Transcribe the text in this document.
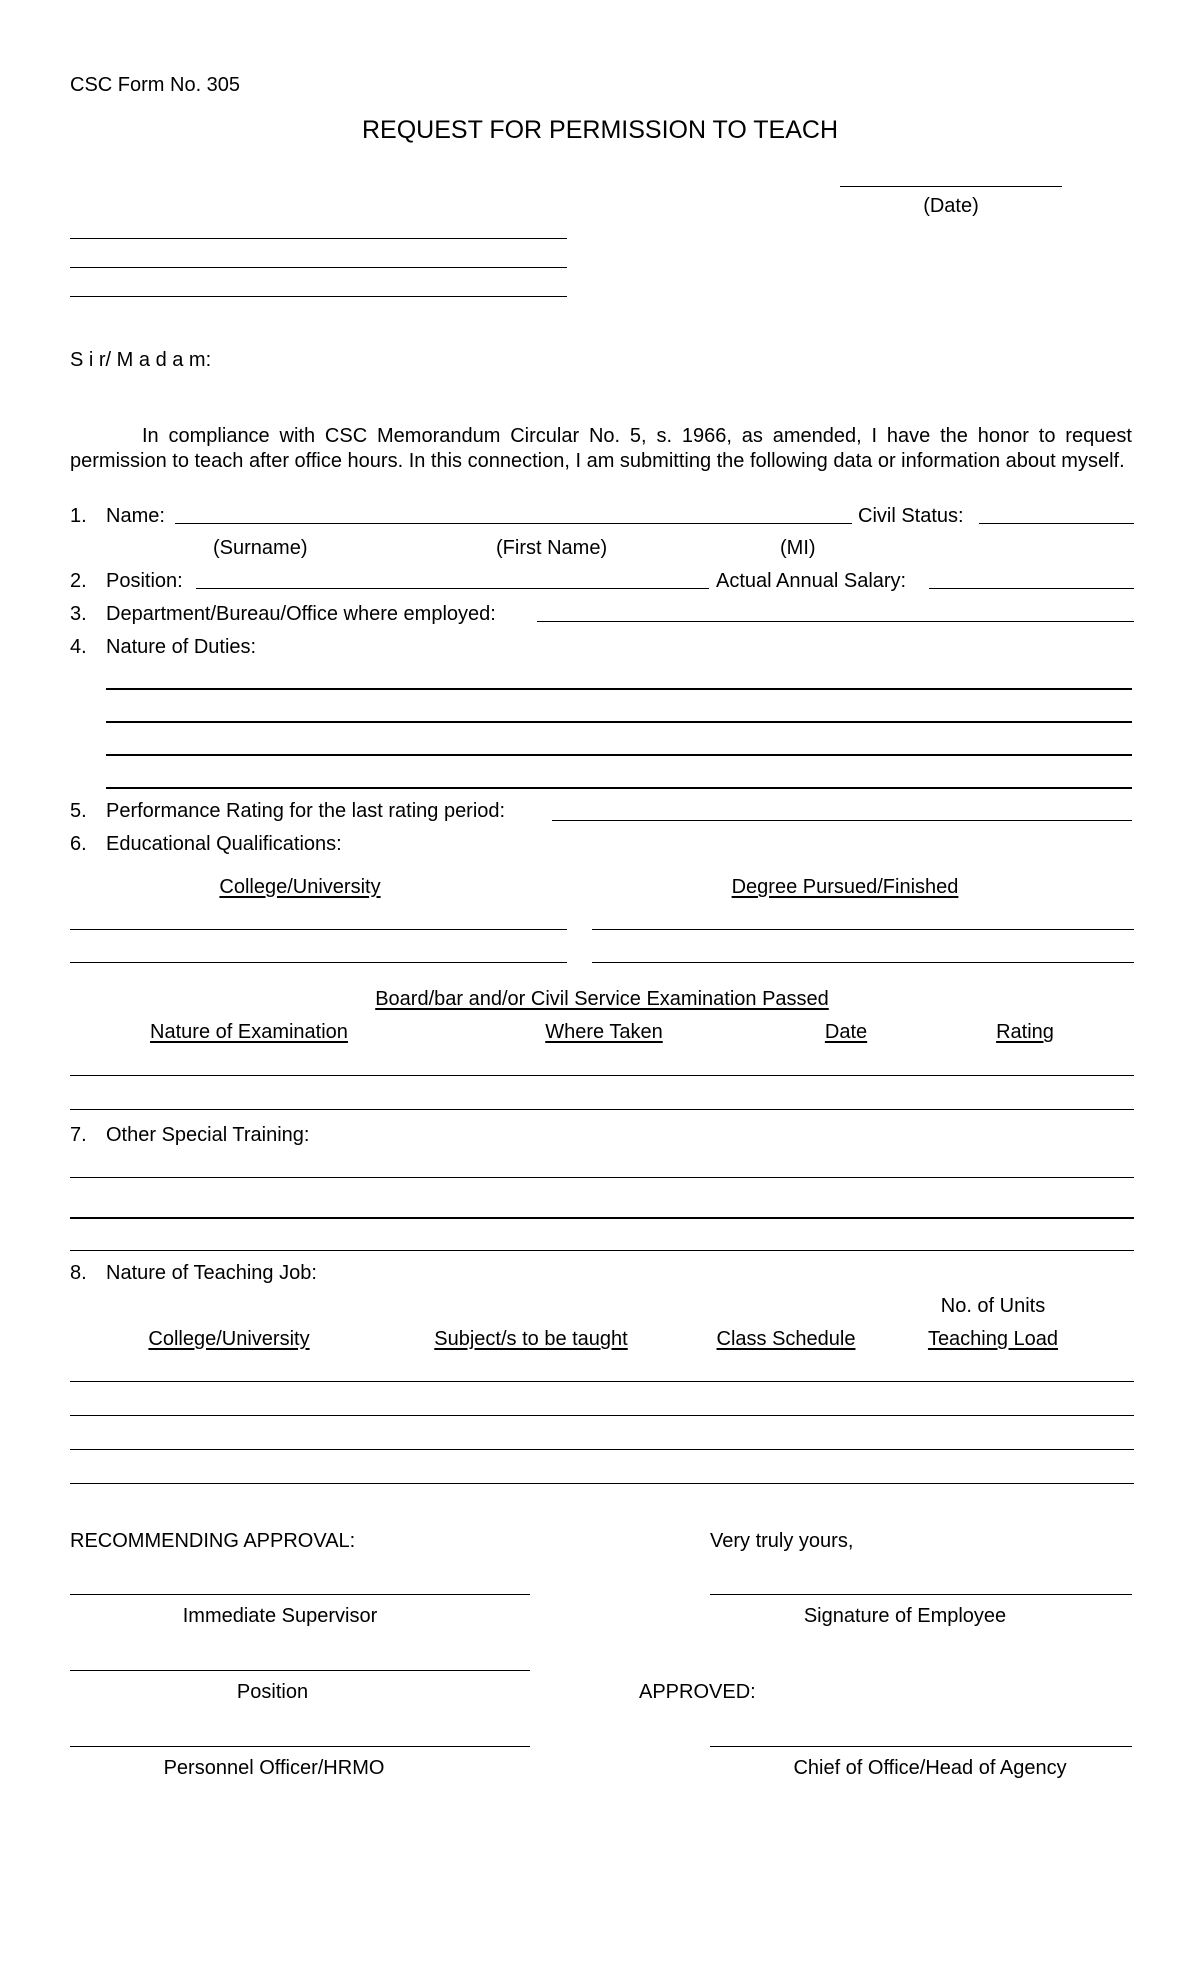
CSC Form No. 305
REQUEST FOR PERMISSION TO TEACH
(Date)
S i r/ M a d a m:
In compliance with CSC Memorandum Circular No. 5, s. 1966, as amended, I have the honor to request permission to teach after office hours. In this connection, I am submitting the following data or information about myself.
1. Name:	Civil Status:
(Surname)	(First Name)	(MI)
2. Position:	Actual Annual Salary:
3. Department/Bureau/Office where employed:
4. Nature of Duties:
5. Performance Rating for the last rating period:
6. Educational Qualifications:
College/University	Degree Pursued/Finished
Board/bar and/or Civil Service Examination Passed
Nature of Examination	Where Taken	Date	Rating
7. Other Special Training:
8. Nature of Teaching Job:
No. of Units
College/University	Subject/s to be taught	Class Schedule	Teaching Load
RECOMMENDING APPROVAL:	Very truly yours,
Immediate Supervisor	Signature of Employee
Position	APPROVED:
Personnel Officer/HRMO	Chief of Office/Head of Agency
